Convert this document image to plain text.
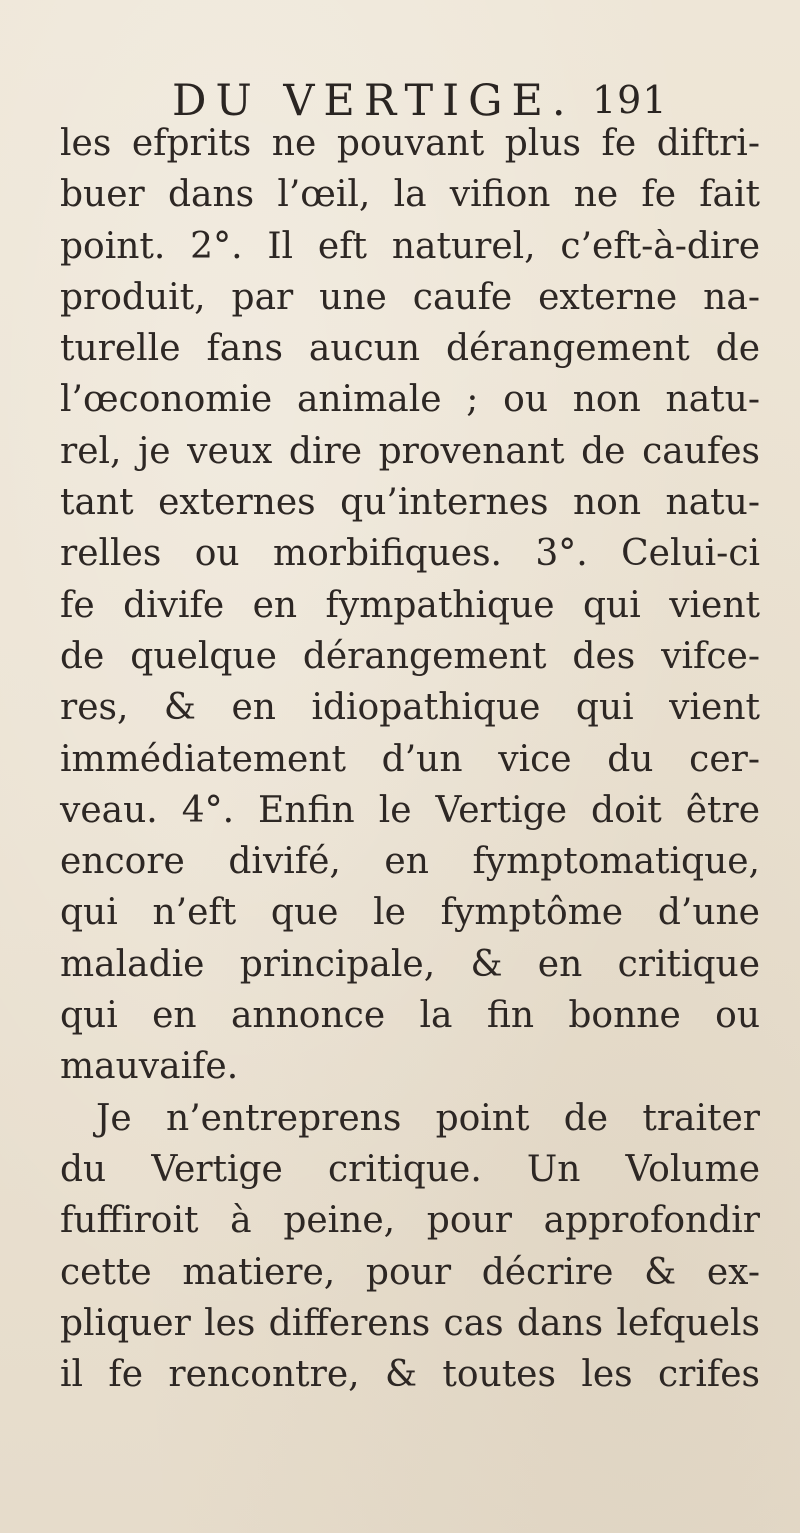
DU VERTIGE. 191
les efprits ne pouvant plus fe diftri-
buer dans l’œil, la vifion ne fe fait
point. 2°. Il eft naturel, c’eft-à-dire
produit, par une caufe externe na-
turelle fans aucun dérangement de
l’œconomie animale ; ou non natu-
rel, je veux dire provenant de caufes
tant externes qu’internes non natu-
relles ou morbifiques. 3°. Celui-ci
fe divife en fympathique qui vient
de quelque dérangement des vifce-
res, & en idiopathique qui vient
immédiatement d’un vice du cer-
veau. 4°. Enfin le Vertige doit être
encore divifé, en fymptomatique,
qui n’eft que le fymptôme d’une
maladie principale, & en critique
qui en annonce la fin bonne ou
mauvaife.
Je n’entreprens point de traiter
du Vertige critique. Un Volume
fuffiroit à peine, pour approfondir
cette matiere, pour décrire & ex-
pliquer les differens cas dans lefquels
il fe rencontre, & toutes les crifes
